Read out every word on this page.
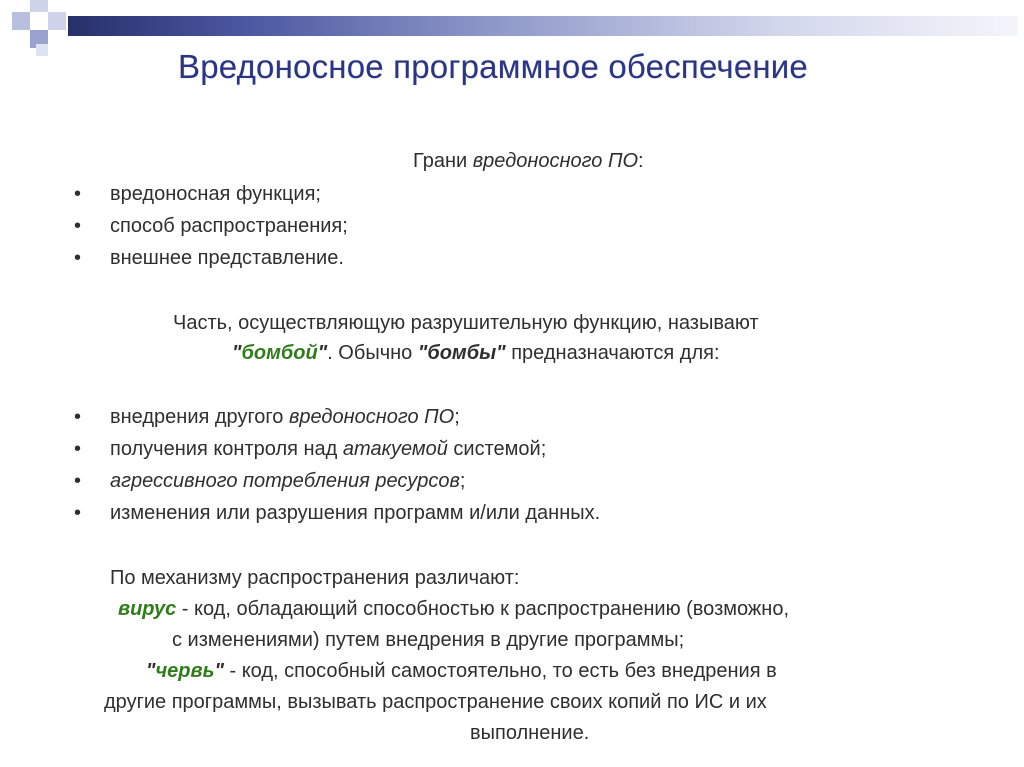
Вредоносное программное обеспечение
Грани вредоносного ПО:
• вредоносная функция;
• способ распространения;
• внешнее представление.
Часть, осуществляющую разрушительную функцию, называют
"бомбой". Обычно "бомбы" предназначаются для:
• внедрения другого вредоносного ПО;
• получения контроля над атакуемой системой;
• агрессивного потребления ресурсов;
• изменения или разрушения программ и/или данных.
По механизму распространения различают:
вирус - код, обладающий способностью к распространению (возможно,
с изменениями) путем внедрения в другие программы;
"червь" - код, способный самостоятельно, то есть без внедрения в
другие программы, вызывать распространение своих копий по ИС и их
выполнение.
